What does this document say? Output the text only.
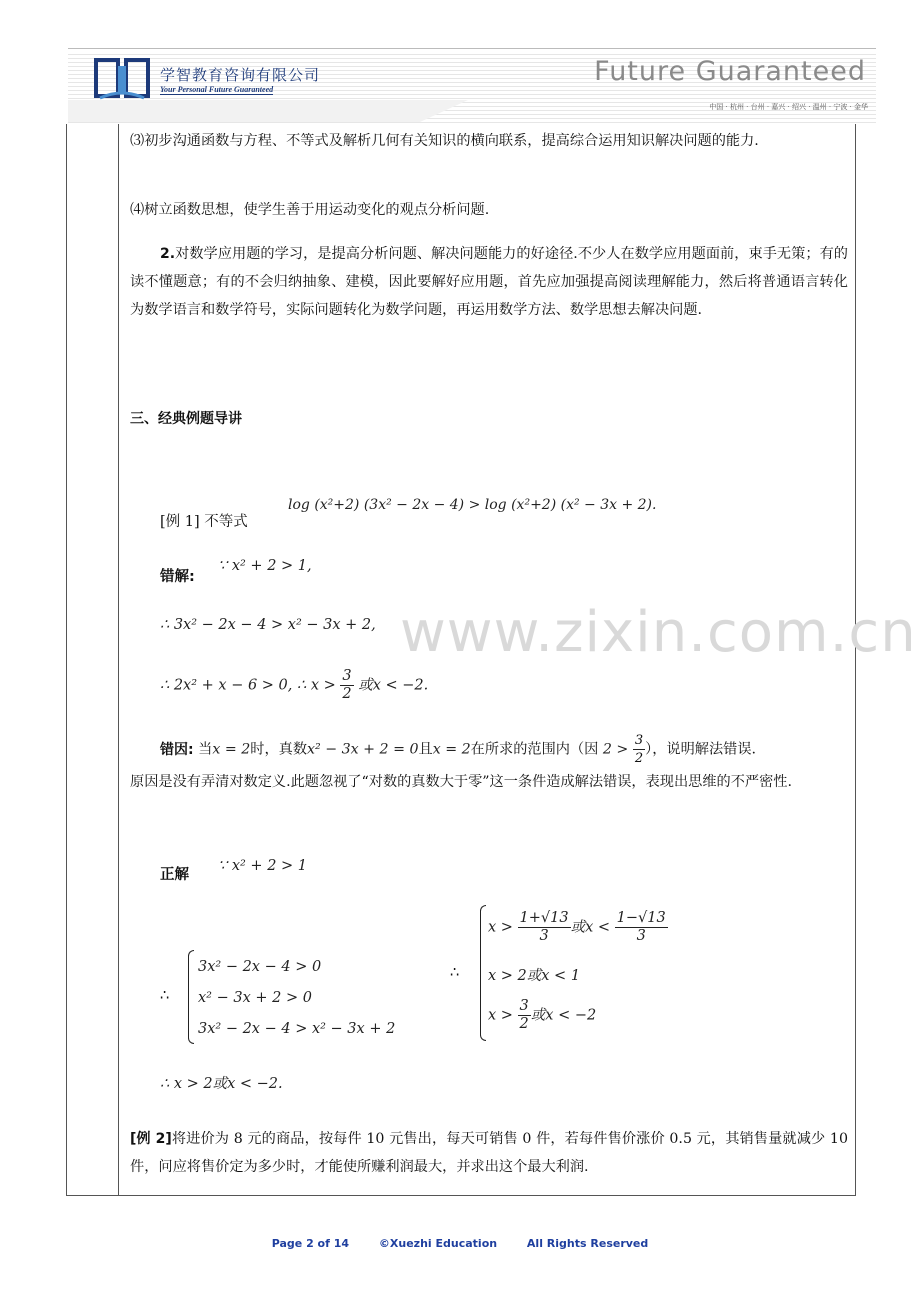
学智教育咨询有限公司
Your Personal Future Guaranteed
Future Guaranteed
中国 · 杭州 · 台州 · 嘉兴 · 绍兴 · 温州 · 宁波 · 金华
www.zixin.com.cn
⑶初步沟通函数与方程、不等式及解析几何有关知识的横向联系，提高综合运用知识解决问题的能力.
⑷树立函数思想，使学生善于用运动变化的观点分析问题.
2.对数学应用题的学习，是提高分析问题、解决问题能力的好途径.不少人在数学应用题面前，束手无策；有的读不懂题意；有的不会归纳抽象、建模，因此要解好应用题，首先应加强提高阅读理解能力，然后将普通语言转化为数学语言和数学符号，实际问题转化为数学问题，再运用数学方法、数学思想去解决问题.
三、经典例题导讲
[例 1] 不等式
log (x²+2) (3x² − 2x − 4) > log (x²+2) (x² − 3x + 2).
错解:
∵ x² + 2 > 1,
∴ 3x² − 2x − 4 > x² − 3x + 2,
∴ 2x² + x − 6 > 0, ∴ $x > \frac{3}{2}$ 或x < −2.
错因: 当x = 2时，真数x² − 3x + 2 = 0且x = 2在所求的范围内（因 $2 > \frac{3}{2}$ ），说明解法错误.
原因是没有弄清对数定义.此题忽视了“对数的真数大于零”这一条件造成解法错误，表现出思维的不严密性.
正解
∵ x² + 2 > 1
∴
3x² − 2x − 4 > 0
x² − 3x + 2 > 0
3x² − 2x − 4 > x² − 3x + 2
∴
$x > \frac{1+√13}{3}$ 或$x < \frac{1-√13}{3}$
x > 2或x < 1
$x > \frac{3}{2}$ 或x < −2
∴ x > 2或x < −2.
[例 2]将进价为 8 元的商品，按每件 10 元售出，每天可销售 0 件，若每件售价涨价 0.5 元，其销售量就减少 10 件，问应将售价定为多少时，才能使所赚利润最大，并求出这个最大利润.
Page 2 of 14	©Xuezhi Education	All Rights Reserved
